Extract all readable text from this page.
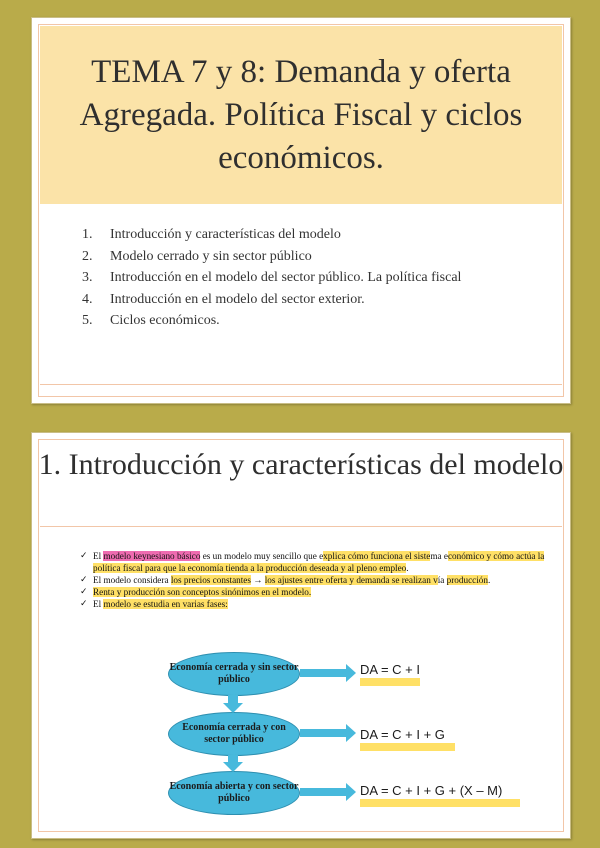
TEMA 7 y 8: Demanda y oferta Agregada. Política Fiscal y ciclos económicos.
1.	Introducción y características del modelo
2.	Modelo cerrado y sin sector público
3.	Introducción en el modelo del sector público. La política fiscal
4.	Introducción en el modelo del sector exterior.
5.	Ciclos económicos.
1. Introducción y características del modelo
✓ El modelo keynesiano básico es un modelo muy sencillo que explica cómo funciona el sistema económico y cómo actúa la política fiscal para que la economía tienda a la producción deseada y al pleno empleo.
✓ El modelo considera los precios constantes → los ajustes entre oferta y demanda se realizan vía producción.
✓ Renta y producción son conceptos sinónimos en el modelo.
✓ El modelo se estudia en varias fases:
Economía cerrada y sin sector público
Economía cerrada y con sector público
Economía abierta y con sector público
DA = C + I
DA = C + I + G
DA = C + I + G + (X – M)
